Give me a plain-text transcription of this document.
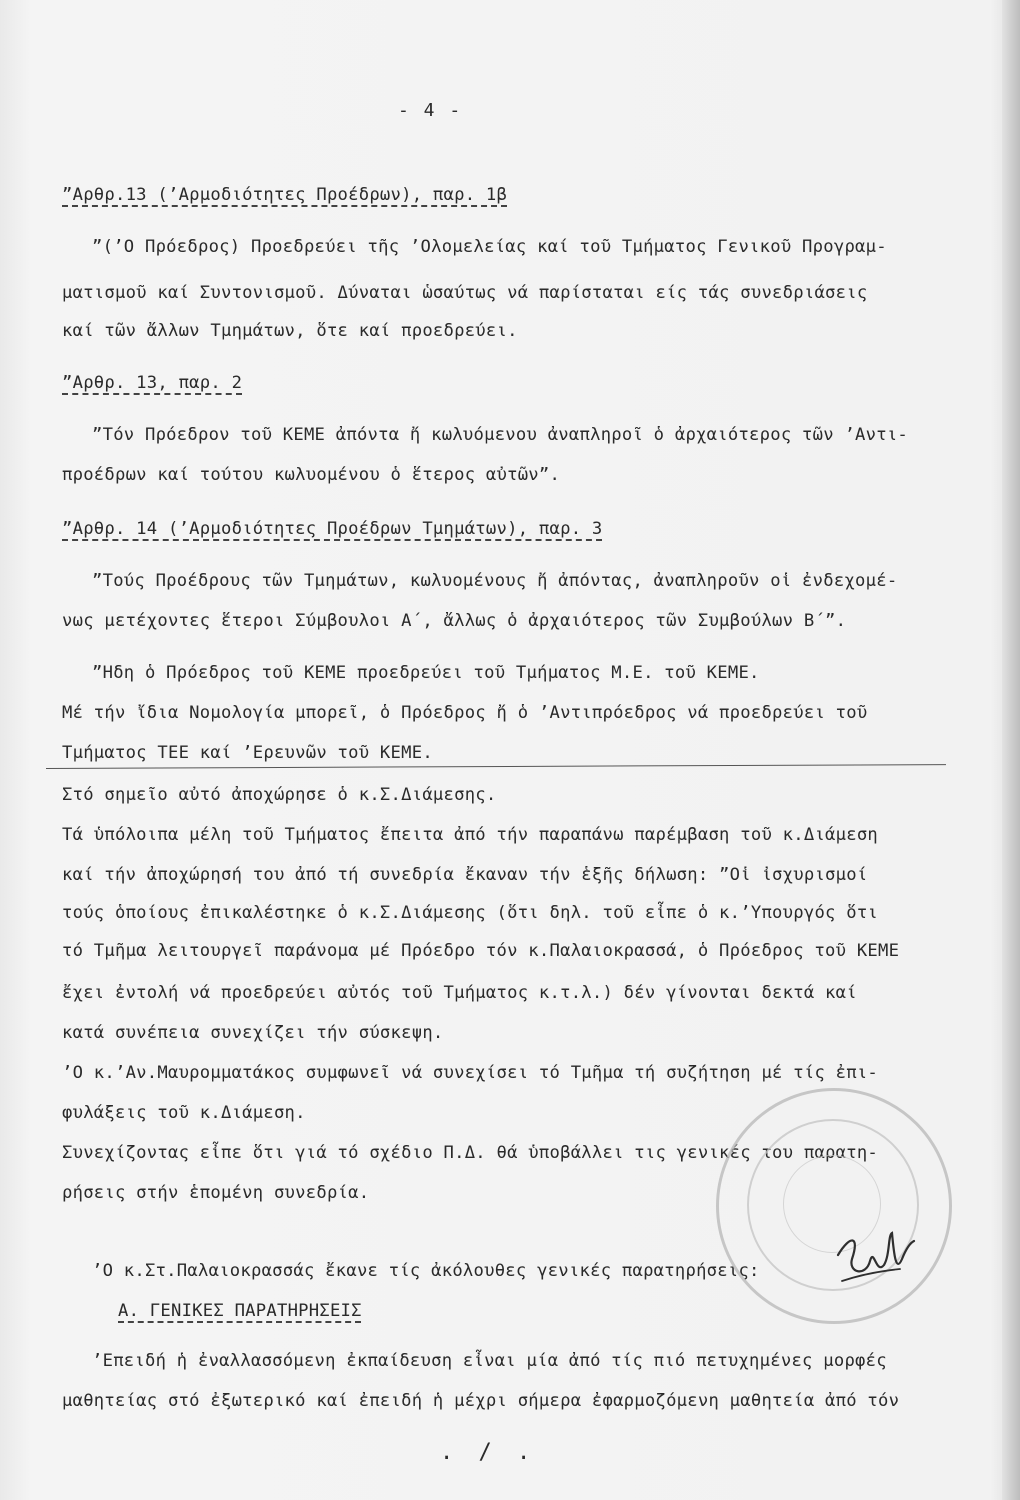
- 4 -
”Αρθρ.13 (’Αρμοδιότητες Προέδρων), παρ. 1β
”(’Ο Πρόεδρος) Προεδρεύει τῆς ’Ολομελείας καί τοῦ Τμήματος Γενικοῦ Προγραμ-
ματισμοῦ καί Συντονισμοῦ. Δύναται ὡσαύτως νά παρίσταται είς τάς συνεδριάσεις
καί τῶν ἄλλων Τμημάτων, ὅτε καί προεδρεύει.
”Αρθρ. 13, παρ. 2
”Τόν Πρόεδρον τοῦ ΚΕΜΕ ἀπόντα ἤ κωλυόμενου ἀναπληροῖ ὁ ἀρχαιότερος τῶν ’Αντι-
προέδρων καί τούτου κωλυομένου ὁ ἕτερος αὐτῶν”.
”Αρθρ. 14 (’Αρμοδιότητες Προέδρων Τμημάτων), παρ. 3
”Τούς Προέδρους τῶν Τμημάτων, κωλυομένους ἤ ἀπόντας, ἀναπληροῦν οἱ ἐνδεχομέ-
νως μετέχοντες ἕτεροι Σύμβουλοι Α´, ἄλλως ὁ ἀρχαιότερος τῶν Συμβούλων Β´”.
”Ηδη ὁ Πρόεδρος τοῦ ΚΕΜΕ προεδρεύει τοῦ Τμήματος Μ.Ε. τοῦ ΚΕΜΕ.
Μέ τήν ἴδια Νομολογία μπορεῖ, ὁ Πρόεδρος ἤ ὁ ’Αντιπρόεδρος νά προεδρεύει τοῦ
Τμήματος ΤΕΕ καί ’Ερευνῶν τοῦ ΚΕΜΕ.
Στό σημεῖο αὐτό ἀποχώρησε ὁ κ.Σ.Διάμεσης.
Τά ὑπόλοιπα μέλη τοῦ Τμήματος ἔπειτα ἀπό τήν παραπάνω παρέμβαση τοῦ κ.Διάμεση
καί τήν ἀποχώρησή του ἀπό τή συνεδρία ἔκαναν τήν ἑξῆς δήλωση: ”Οἱ ἰσχυρισμοί
τούς ὁποίους ἐπικαλέστηκε ὁ κ.Σ.Διάμεσης (ὅτι δηλ. τοῦ εἶπε ὁ κ.’Υπουργός ὅτι
τό Τμῆμα λειτουργεῖ παράνομα μέ Πρόεδρο τόν κ.Παλαιοκρασσά, ὁ Πρόεδρος τοῦ ΚΕΜΕ
ἔχει ἐντολή νά προεδρεύει αὐτός τοῦ Τμήματος κ.τ.λ.) δέν γίνονται δεκτά καί
κατά συνέπεια συνεχίζει τήν σύσκεψη.
’Ο κ.’Αν.Μαυρομματάκος συμφωνεῖ νά συνεχίσει τό Τμῆμα τή συζήτηση μέ τίς ἐπι-
φυλάξεις τοῦ κ.Διάμεση.
Συνεχίζοντας εἶπε ὅτι γιά τό σχέδιο Π.Δ. θά ὑποβάλλει τις γενικές του παρατη-
ρήσεις στήν ἑπομένη συνεδρία.
’Ο κ.Στ.Παλαιοκρασσάς ἔκανε τίς ἀκόλουθες γενικές παρατηρήσεις:
Α. ΓΕΝΙΚΕΣ ΠΑΡΑΤΗΡΗΣΕΙΣ
’Επειδή ἡ ἐναλλασσόμενη ἐκπαίδευση εἶναι μία ἀπό τίς πιό πετυχημένες μορφές
μαθητείας στό ἐξωτερικό καί ἐπειδή ἡ μέχρι σήμερα ἐφαρμοζόμενη μαθητεία ἀπό τόν
. / .
